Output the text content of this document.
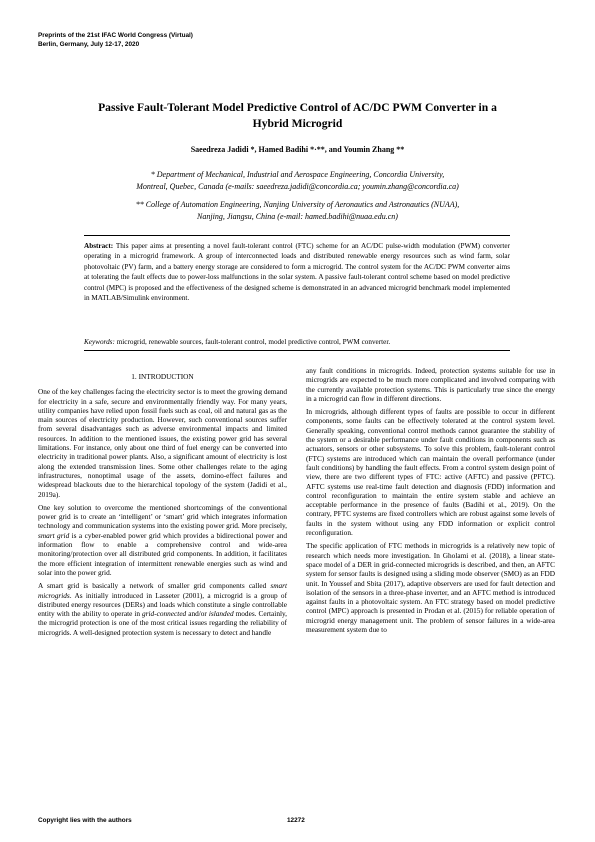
Preprints of the 21st IFAC World Congress (Virtual)
Berlin, Germany, July 12-17, 2020
Passive Fault-Tolerant Model Predictive Control of AC/DC PWM Converter in a
Hybrid Microgrid
Saeedreza Jadidi *, Hamed Badihi *·**, and Youmin Zhang **
* Department of Mechanical, Industrial and Aerospace Engineering, Concordia University,
Montreal, Quebec, Canada (e-mails: saeedreza.jadidi@concordia.ca; youmin.zhang@concordia.ca)
** College of Automation Engineering, Nanjing University of Aeronautics and Astronautics (NUAA),
Nanjing, Jiangsu, China (e-mail: hamed.badihi@nuaa.edu.cn)
Abstract: This paper aims at presenting a novel fault-tolerant control (FTC) scheme for an AC/DC pulse-width modulation (PWM) converter operating in a microgrid framework. A group of interconnected loads and distributed renewable energy resources such as wind farm, solar photovoltaic (PV) farm, and a battery energy storage are considered to form a microgrid. The control system for the AC/DC PWM converter aims at tolerating the fault effects due to power-loss malfunctions in the solar system. A passive fault-tolerant control scheme based on model predictive control (MPC) is proposed and the effectiveness of the designed scheme is demonstrated in an advanced microgrid benchmark model implemented in MATLAB/Simulink environment.
Keywords: microgrid, renewable sources, fault-tolerant control, model predictive control, PWM converter.
1. INTRODUCTION

One of the key challenges facing the electricity sector is to meet the growing demand for electricity in a safe, secure and environmentally friendly way. For many years, utility companies have relied upon fossil fuels such as coal, oil and natural gas as the main sources of electricity production. However, such conventional sources suffer from several disadvantages such as adverse environmental impacts and limited resources. In addition to the mentioned issues, the existing power grid has several limitations. For instance, only about one third of fuel energy can be converted into electricity in traditional power plants. Also, a significant amount of electricity is lost along the extended transmission lines. Some other challenges relate to the aging infrastructures, nonoptimal usage of the assets, domino-effect failures and widespread blackouts due to the hierarchical topology of the system (Jadidi et al., 2019a).

One key solution to overcome the mentioned shortcomings of the conventional power grid is to create an ‘intelligent’ or ‘smart’ grid which integrates information technology and communication systems into the existing power grid. More precisely, smart grid is a cyber-enabled power grid which provides a bidirectional power and information flow to enable a comprehensive control and wide-area monitoring/protection over all distributed grid components. In addition, it facilitates the more efficient integration of intermittent renewable energies such as wind and solar into the power grid.

A smart grid is basically a network of smaller grid components called smart microgrids. As initially introduced in Lasseter (2001), a microgrid is a group of distributed energy resources (DERs) and loads which constitute a single controllable entity with the ability to operate in grid-connected and/or islanded modes. Certainly, the microgrid protection is one of the most critical issues regarding the reliability of microgrids. A well-designed protection system is necessary to detect and handle

any fault conditions in microgrids. Indeed, protection systems suitable for use in microgrids are expected to be much more complicated and involved comparing with the currently available protection systems. This is particularly true since the energy in a microgrid can flow in different directions.

In microgrids, although different types of faults are possible to occur in different components, some faults can be effectively tolerated at the control system level. Generally speaking, conventional control methods cannot guarantee the stability of the system or a desirable performance under fault conditions in components such as actuators, sensors or other subsystems. To solve this problem, fault-tolerant control (FTC) systems are introduced which can maintain the overall performance (under fault conditions) by handling the fault effects. From a control system design point of view, there are two different types of FTC: active (AFTC) and passive (PFTC). AFTC systems use real-time fault detection and diagnosis (FDD) information and control reconfiguration to maintain the entire system stable and achieve an acceptable performance in the presence of faults (Badihi et al., 2019). On the contrary, PFTC systems are fixed controllers which are robust against some levels of faults in the system without using any FDD information or explicit control reconfiguration.

The specific application of FTC methods in microgrids is a relatively new topic of research which needs more investigation. In Gholami et al. (2018), a linear state-space model of a DER in grid-connected microgrids is described, and then, an AFTC system for sensor faults is designed using a sliding mode observer (SMO) as an FDD unit. In Youssef and Sbita (2017), adaptive observers are used for fault detection and isolation of the sensors in a three-phase inverter, and an AFTC method is introduced against faults in a photovoltaic system. An FTC strategy based on model predictive control (MPC) approach is presented in Prodan et al. (2015) for reliable operation of microgrid energy management unit. The problem of sensor failures in a wide-area measurement system due to

Copyright lies with the authors	12272
